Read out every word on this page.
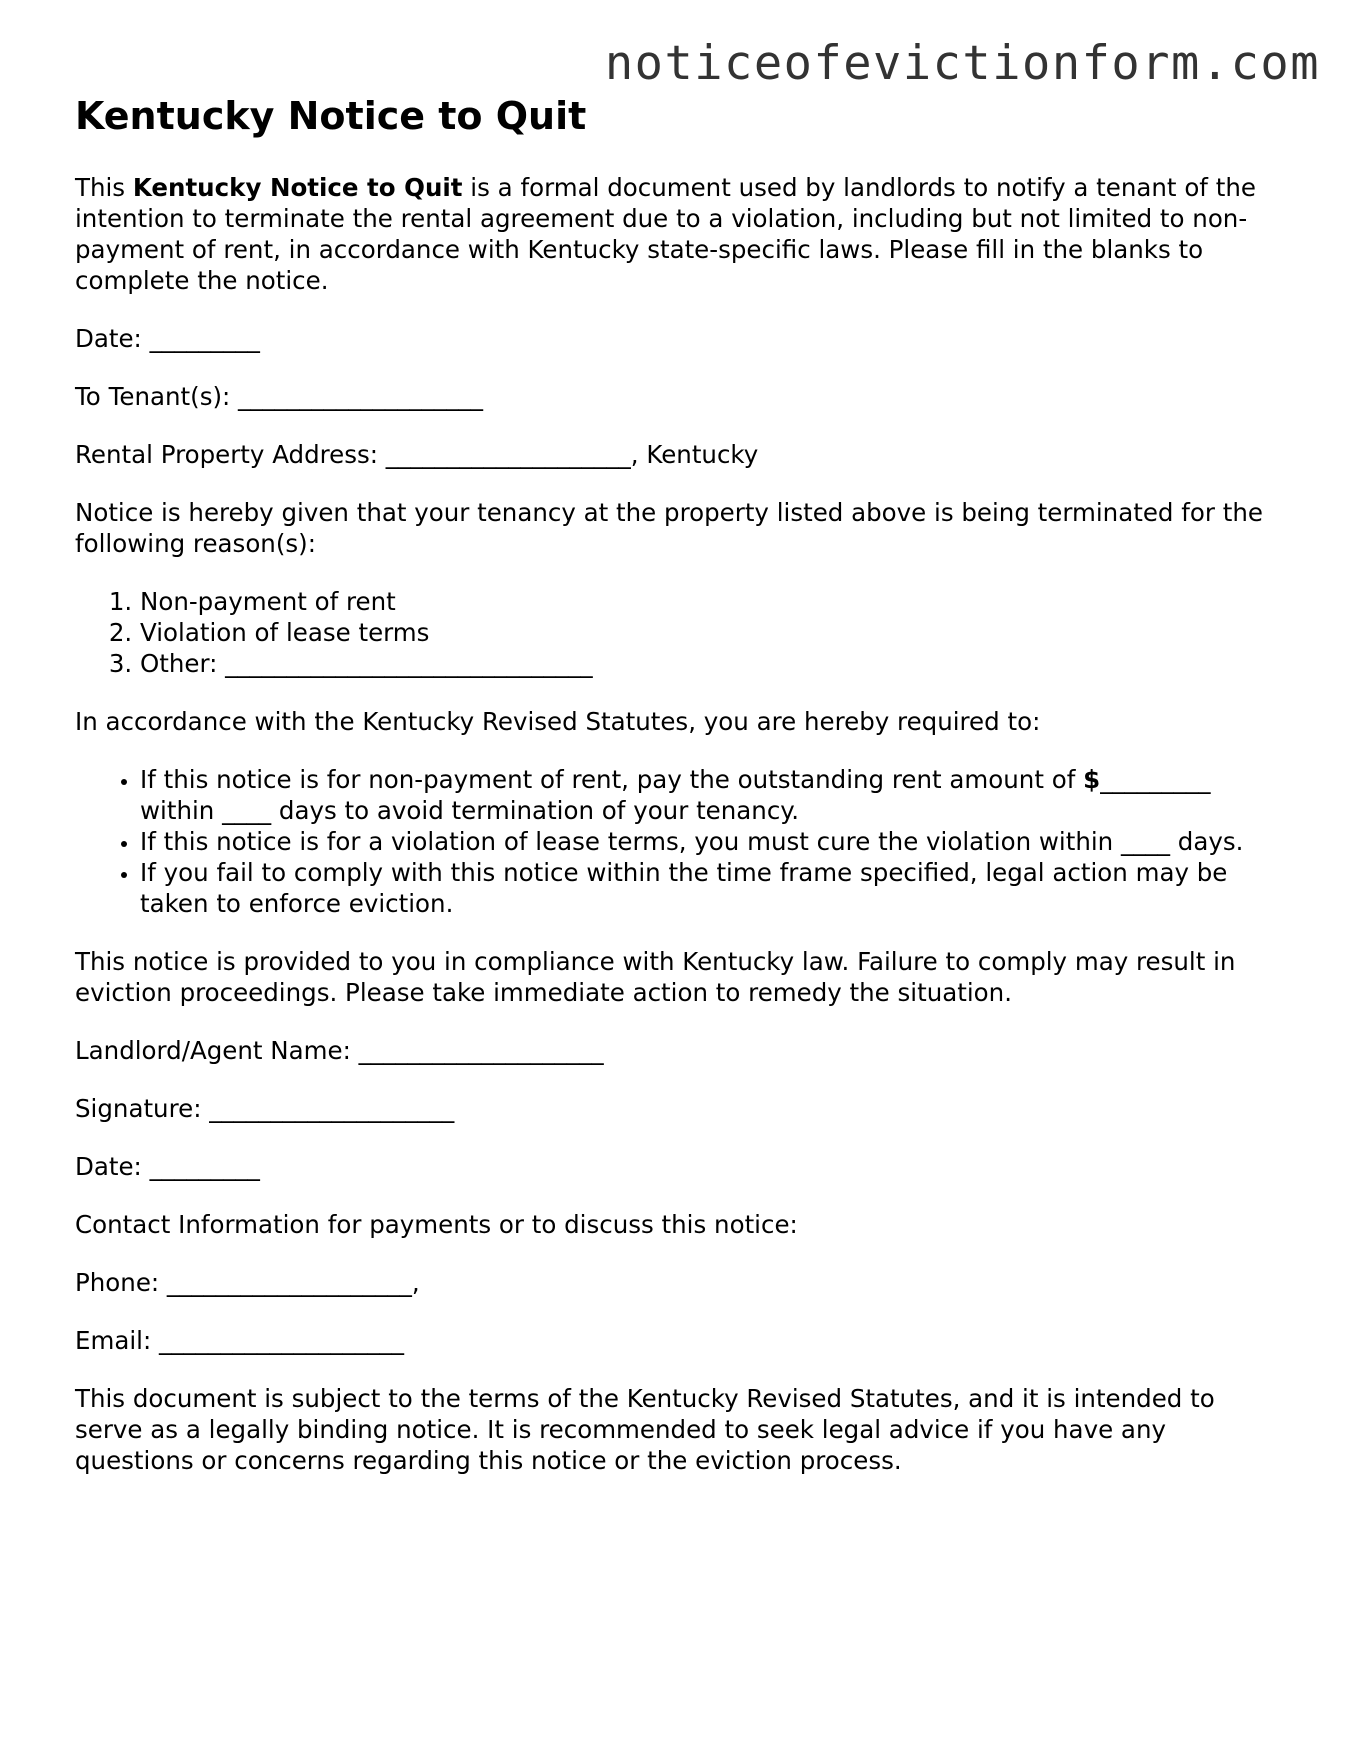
noticeofevictionform.com
Kentucky Notice to Quit

This Kentucky Notice to Quit is a formal document used by landlords to notify a tenant of the intention to terminate the rental agreement due to a violation, including but not limited to non-payment of rent, in accordance with Kentucky state-specific laws. Please fill in the blanks to complete the notice.

Date: _________

To Tenant(s): ____________________

Rental Property Address: ____________________, Kentucky

Notice is hereby given that your tenancy at the property listed above is being terminated for the following reason(s):

1. Non-payment of rent
2. Violation of lease terms
3. Other: ______________________________

In accordance with the Kentucky Revised Statutes, you are hereby required to:

• If this notice is for non-payment of rent, pay the outstanding rent amount of $_________ within ____ days to avoid termination of your tenancy.
• If this notice is for a violation of lease terms, you must cure the violation within ____ days.
• If you fail to comply with this notice within the time frame specified, legal action may be taken to enforce eviction.

This notice is provided to you in compliance with Kentucky law. Failure to comply may result in eviction proceedings. Please take immediate action to remedy the situation.

Landlord/Agent Name: ____________________

Signature: ____________________

Date: _________

Contact Information for payments or to discuss this notice:

Phone: ____________________,

Email: ____________________

This document is subject to the terms of the Kentucky Revised Statutes, and it is intended to serve as a legally binding notice. It is recommended to seek legal advice if you have any questions or concerns regarding this notice or the eviction process.
